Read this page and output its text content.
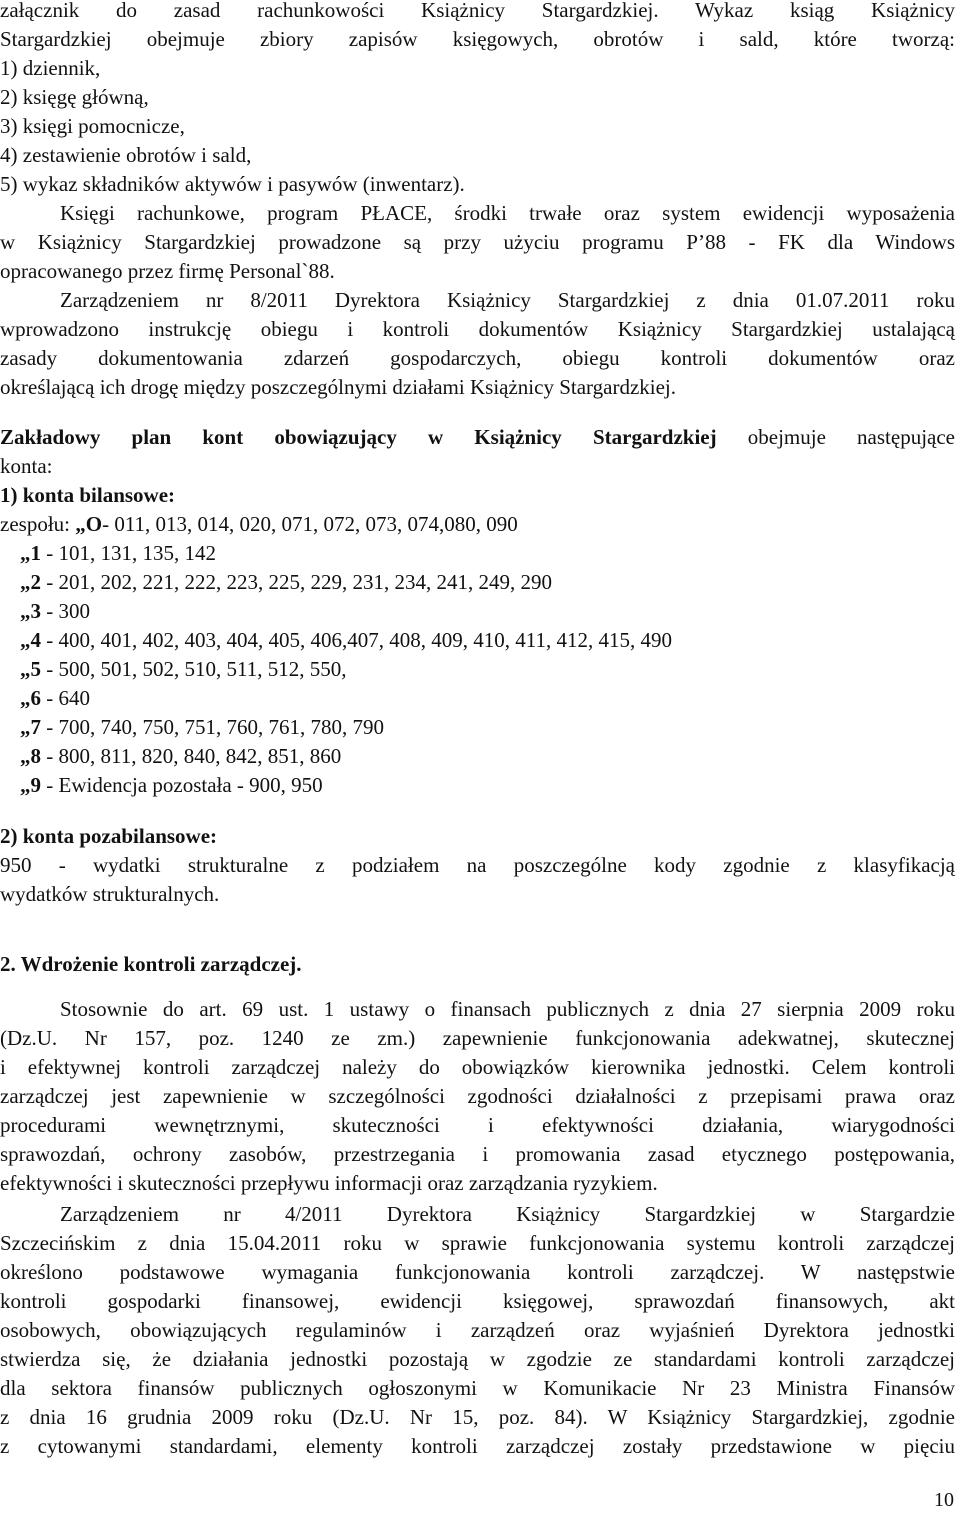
załącznik do zasad rachunkowości Książnicy Stargardzkiej. Wykaz ksiąg Książnicy
Stargardzkiej obejmuje zbiory zapisów księgowych, obrotów i sald, które tworzą:
1) dziennik,
2) księgę główną,
3) księgi pomocnicze,
4) zestawienie obrotów i sald,
5) wykaz składników aktywów i pasywów (inwentarz).
Księgi rachunkowe, program PŁACE, środki trwałe oraz system ewidencji wyposażenia
w Książnicy Stargardzkiej prowadzone są przy użyciu programu P’88 - FK dla Windows
opracowanego przez firmę Personal`88.
Zarządzeniem nr 8/2011 Dyrektora Książnicy Stargardzkiej z dnia 01.07.2011 roku
wprowadzono instrukcję obiegu i kontroli dokumentów Książnicy Stargardzkiej ustalającą
zasady dokumentowania zdarzeń gospodarczych, obiegu kontroli dokumentów oraz
określającą ich drogę między poszczególnymi działami Książnicy Stargardzkiej.
Zakładowy plan kont obowiązujący w Książnicy Stargardzkiej obejmuje następujące
konta:
1) konta bilansowe:
zespołu: „O- 011, 013, 014, 020, 071, 072, 073, 074,080, 090
„1 - 101, 131, 135, 142
„2 - 201, 202, 221, 222, 223, 225, 229, 231, 234, 241, 249, 290
„3 - 300
„4 - 400, 401, 402, 403, 404, 405, 406,407, 408, 409, 410, 411, 412, 415, 490
„5 - 500, 501, 502, 510, 511, 512, 550,
„6 - 640
„7 - 700, 740, 750, 751, 760, 761, 780, 790
„8 - 800, 811, 820, 840, 842, 851, 860
„9 - Ewidencja pozostała - 900, 950
2) konta pozabilansowe:
950 - wydatki strukturalne z podziałem na poszczególne kody zgodnie z klasyfikacją
wydatków strukturalnych.
2. Wdrożenie kontroli zarządczej.
Stosownie do art. 69 ust. 1 ustawy o finansach publicznych z dnia 27 sierpnia 2009 roku
(Dz.U. Nr 157, poz. 1240 ze zm.) zapewnienie funkcjonowania adekwatnej, skutecznej
i efektywnej kontroli zarządczej należy do obowiązków kierownika jednostki. Celem kontroli
zarządczej jest zapewnienie w szczególności zgodności działalności z przepisami prawa oraz
procedurami wewnętrznymi, skuteczności i efektywności działania, wiarygodności
sprawozdań, ochrony zasobów, przestrzegania i promowania zasad etycznego postępowania,
efektywności i skuteczności przepływu informacji oraz zarządzania ryzykiem.
Zarządzeniem nr 4/2011 Dyrektora Książnicy Stargardzkiej w Stargardzie
Szczecińskim z dnia 15.04.2011 roku w sprawie funkcjonowania systemu kontroli zarządczej
określono podstawowe wymagania funkcjonowania kontroli zarządczej. W następstwie
kontroli gospodarki finansowej, ewidencji księgowej, sprawozdań finansowych, akt
osobowych, obowiązujących regulaminów i zarządzeń oraz wyjaśnień Dyrektora jednostki
stwierdza się, że działania jednostki pozostają w zgodzie ze standardami kontroli zarządczej
dla sektora finansów publicznych ogłoszonymi w Komunikacie Nr 23 Ministra Finansów
z dnia 16 grudnia 2009 roku (Dz.U. Nr 15, poz. 84). W Książnicy Stargardzkiej, zgodnie
z cytowanymi standardami, elementy kontroli zarządczej zostały przedstawione w pięciu
10
